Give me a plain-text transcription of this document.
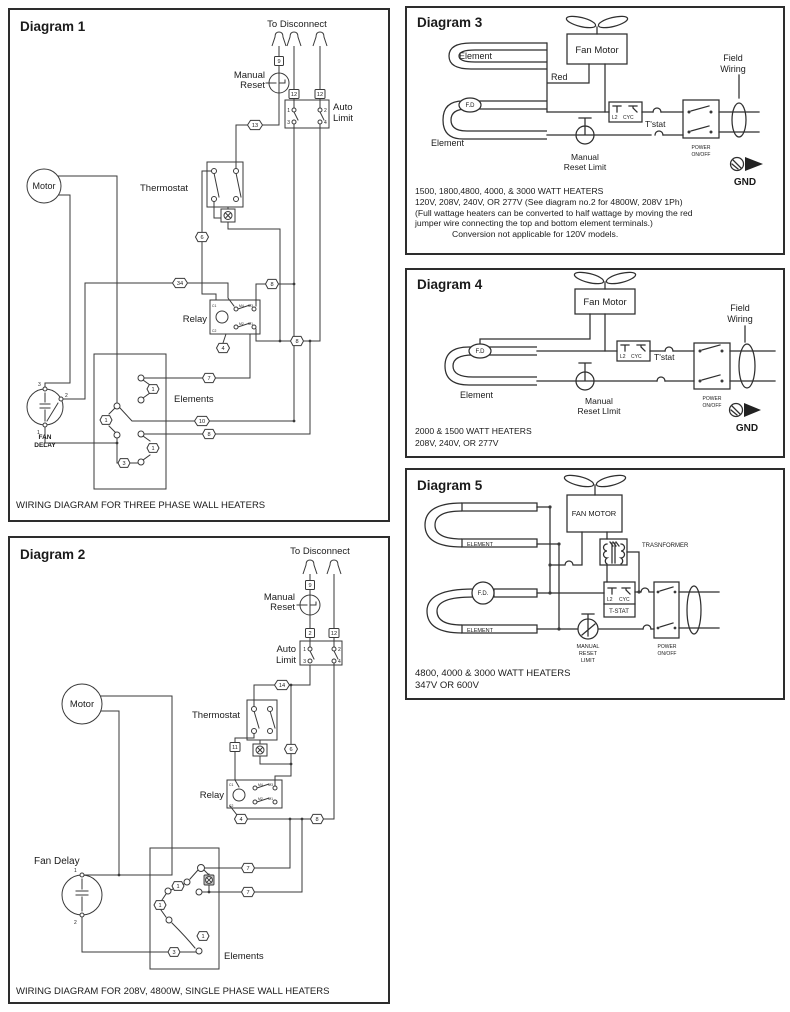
1	2
3	4
C1
C2
M4 M3
M2 M1
Motor
3
2
1
FAN
DELAY
9
12	12
13
6
34	8
8
4
7
10
8
1
1
1
3
Diagram 1	To Disconnect
Manual
Reset
Auto
Limit
Thermostat
Relay
Elements
WIRING DIAGRAM FOR THREE PHASE WALL HEATERS
1	2
3	4
C1
C2
M4 M3
M2 M1
Motor
1
2
9
2	12
14
11	6
4	8
7
7
1
1
1
3
Diagram 2	To Disconnect
Manual
Reset
Auto
Limit
Thermostat
Relay
Fan Delay
Elements
WIRING DIAGRAM FOR 208V, 4800W, SINGLE PHASE WALL HEATERS
Fan Motor
Element
F.D
Element
Red
Manual
Reset Limit
L2 CYC
T'stat
POWER
ON/OFF
Field
Wiring
GND
Diagram 3
1500, 1800,4800, 4000, & 3000 WATT HEATERS
120V, 208V, 240V, OR 277V (See diagram no.2 for 4800W, 208V 1Ph)
(Full wattage heaters can be converted to half wattage by moving the red
jumper wire connecting the top and bottom element terminals.)
Conversion not applicable for 120V models.
Fan Motor
F.D
Element
Manual
Reset LImit
L2 CYC T'stat
POWER
ON/OFF
Field
Wiring
GND
Diagram 4
2000 & 1500 WATT HEATERS
208V, 240V, OR 277V
FAN MOTOR
ELEMENT
ELEMENT
F.D.
TRASNFORMER
L2 CYC
T-STAT
MANUAL
RESET
LIMIT
POWER
ON/OFF
Diagram 5
4800, 4000 & 3000 WATT HEATERS
347V OR 600V
